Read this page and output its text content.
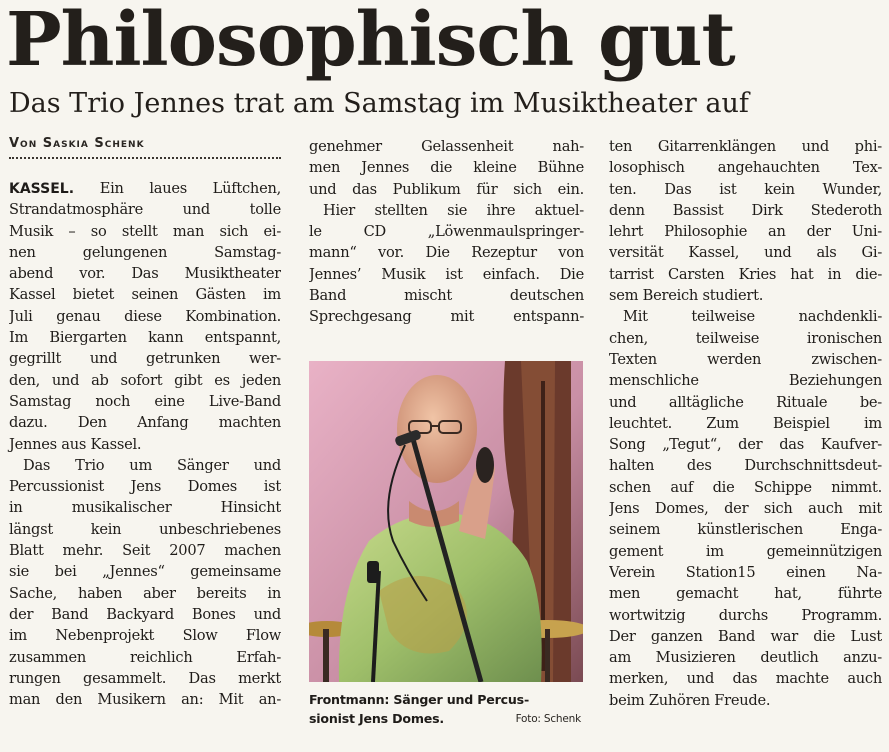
Philosophisch gut
Das Trio Jennes trat am Samstag im Musiktheater auf
Von Saskia Schenk
KASSEL. Ein laues Lüftchen,
Strandatmosphäre und tolle
Musik – so stellt man sich ei-
nen gelungenen Samstag-
abend vor. Das Musiktheater
Kassel bietet seinen Gästen im
Juli genau diese Kombination.
Im Biergarten kann entspannt,
gegrillt und getrunken wer-
den, und ab sofort gibt es jeden
Samstag noch eine Live-Band
dazu. Den Anfang machten
Jennes aus Kassel.
Das Trio um Sänger und
Percussionist Jens Domes ist
in musikalischer Hinsicht
längst kein unbeschriebenes
Blatt mehr. Seit 2007 machen
sie bei „Jennes“ gemeinsame
Sache, haben aber bereits in
der Band Backyard Bones und
im Nebenprojekt Slow Flow
zusammen reichlich Erfah-
rungen gesammelt. Das merkt
man den Musikern an: Mit an-
genehmer Gelassenheit nah-
men Jennes die kleine Bühne
und das Publikum für sich ein.
Hier stellten sie ihre aktuel-
le CD „Löwenmaulspringer-
mann“ vor. Die Rezeptur von
Jennes’ Musik ist einfach. Die
Band mischt deutschen
Sprechgesang mit entspann-
Frontmann: Sänger und Percus-
sionist Jens Domes.	Foto: Schenk
ten Gitarrenklängen und phi-
losophisch angehauchten Tex-
ten. Das ist kein Wunder,
denn Bassist Dirk Stederoth
lehrt Philosophie an der Uni-
versität Kassel, und als Gi-
tarrist Carsten Kries hat in die-
sem Bereich studiert.
Mit teilweise nachdenkli-
chen, teilweise ironischen
Texten werden zwischen-
menschliche Beziehungen
und alltägliche Rituale be-
leuchtet. Zum Beispiel im
Song „Tegut“, der das Kaufver-
halten des Durchschnittsdeut-
schen auf die Schippe nimmt.
Jens Domes, der sich auch mit
seinem künstlerischen Enga-
gement im gemeinnützigen
Verein Station15 einen Na-
men gemacht hat, führte
wortwitzig durchs Programm.
Der ganzen Band war die Lust
am Musizieren deutlich anzu-
merken, und das machte auch
beim Zuhören Freude.
